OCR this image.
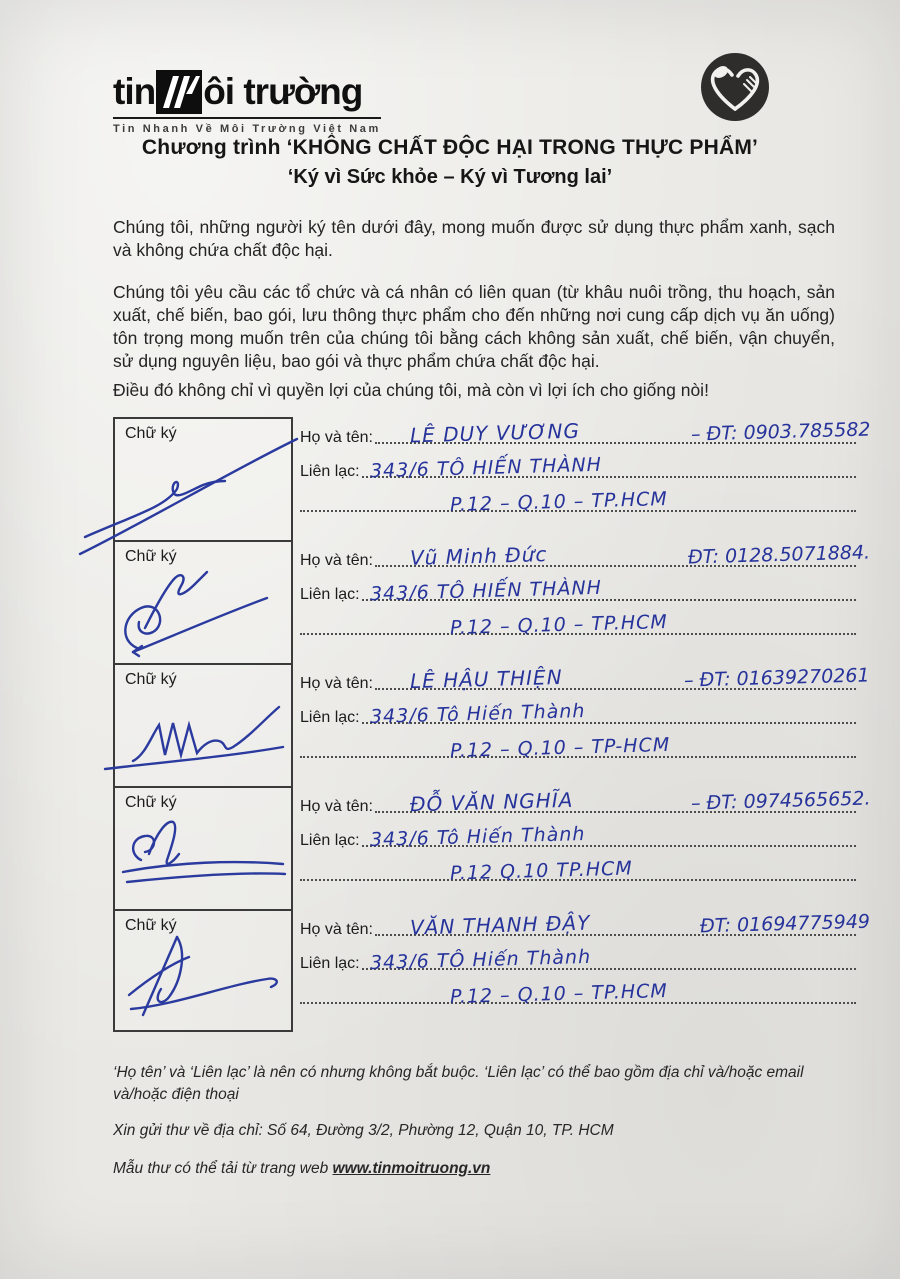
tin ôi trường
Tin Nhanh Về Môi Trường Việt Nam
Chương trình ‘KHÔNG CHẤT ĐỘC HẠI TRONG THỰC PHẨM’
‘Ký vì Sức khỏe – Ký vì Tương lai’
Chúng tôi, những người ký tên dưới đây, mong muốn được sử dụng thực phẩm xanh, sạch và không chứa chất độc hại.
Chúng tôi yêu cầu các tổ chức và cá nhân có liên quan (từ khâu nuôi trồng, thu hoạch, sản xuất, chế biến, bao gói, lưu thông thực phẩm cho đến những nơi cung cấp dịch vụ ăn uống) tôn trọng mong muốn trên của chúng tôi bằng cách không sản xuất, chế biến, vận chuyển, sử dụng nguyên liệu, bao gói và thực phẩm chứa chất độc hại.
Điều đó không chỉ vì quyền lợi của chúng tôi, mà còn vì lợi ích cho giống nòi!
Chữ ký
Chữ ký
Chữ ký
Chữ ký
Chữ ký
Họ và tên: LÊ DUY VƯƠNG	– ĐT: 0903.785582
Liên lạc: 343/6 TÔ HIẾN THÀNH
P.12 – Q.10 – TP.HCM
Họ và tên: Vũ Minh Đức	ĐT: 0128.5071884.
Liên lạc: 343/6 TÔ HIẾN THÀNH
P.12 – Q.10 – TP.HCM
Họ và tên: LÊ HẬU THIỆN	– ĐT: 01639270261
Liên lạc: 343/6 Tô Hiến Thành
P.12 – Q.10 – TP-HCM
Họ và tên: ĐỖ VĂN NGHĨA	– ĐT: 0974565652.
Liên lạc: 343/6 Tô Hiến Thành
P.12 Q.10 TP.HCM
Họ và tên: VĂN THANH ĐẬY	ĐT: 01694775949
Liên lạc: 343/6 TÔ Hiến Thành
P.12 – Q.10 – TP.HCM
‘Họ tên’ và ‘Liên lạc’ là nên có nhưng không bắt buộc. ‘Liên lạc’ có thể bao gồm địa chỉ và/hoặc email và/hoặc điện thoại
Xin gửi thư về địa chỉ: Số 64, Đường 3/2, Phường 12, Quận 10, TP. HCM
Mẫu thư có thể tải từ trang web www.tinmoitruong.vn
